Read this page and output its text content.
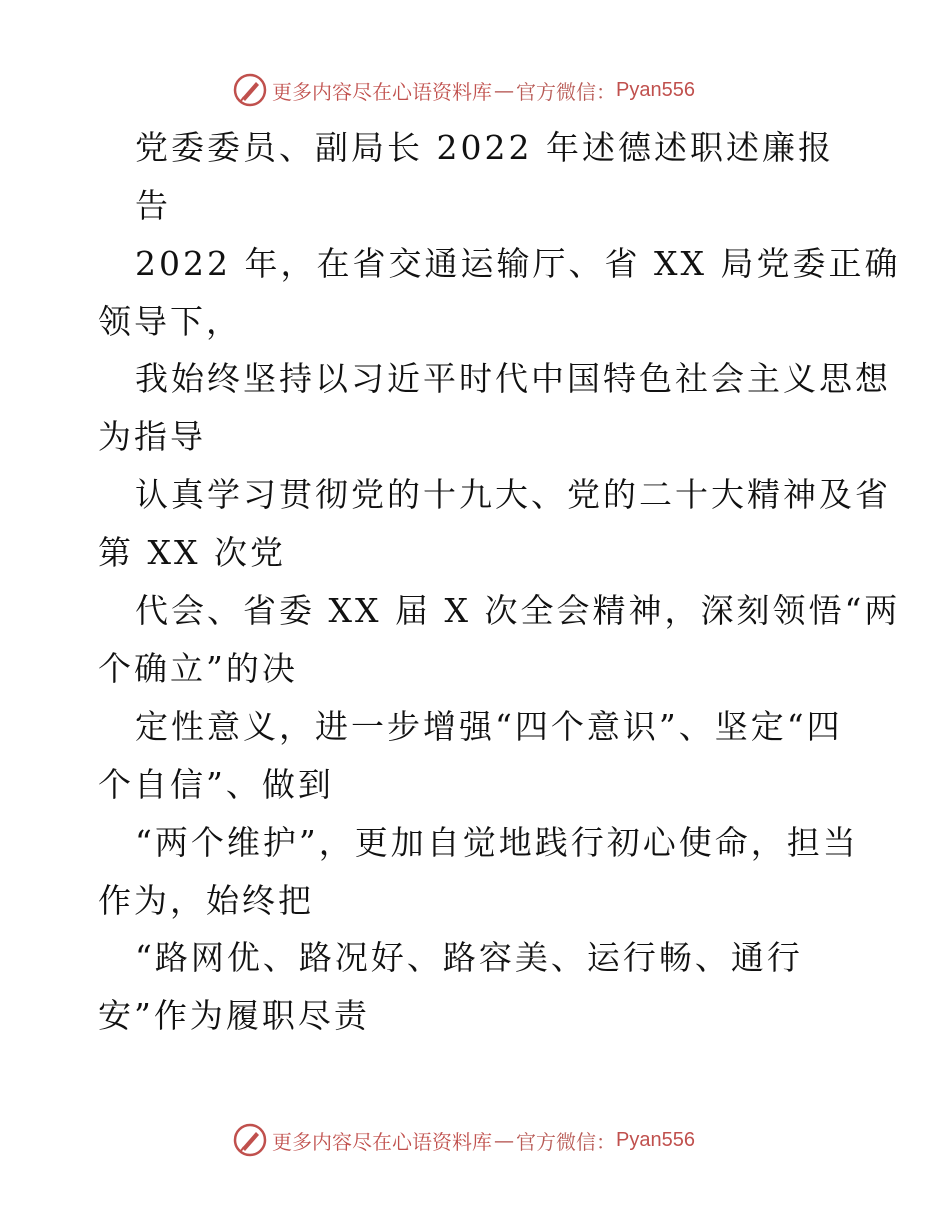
更多内容尽在心语资料库 — 官方微信： Pyan556
党委委员、副局长 2022 年述德述职述廉报
告
2022 年，在省交通运输厅、省 XX 局党委正确
领导下，
我始终坚持以习近平时代中国特色社会主义思想
为指导
认真学习贯彻党的十九大、党的二十大精神及省
第 XX 次党
代会、省委 XX 届 X 次全会精神，深刻领悟“两
个确立”的决
定性意义，进一步增强“四个意识”、坚定“四
个自信”、做到
“两个维护”，更加自觉地践行初心使命，担当
作为，始终把
“路网优、路况好、路容美、运行畅、通行
安”作为履职尽责
更多内容尽在心语资料库 — 官方微信： Pyan556
